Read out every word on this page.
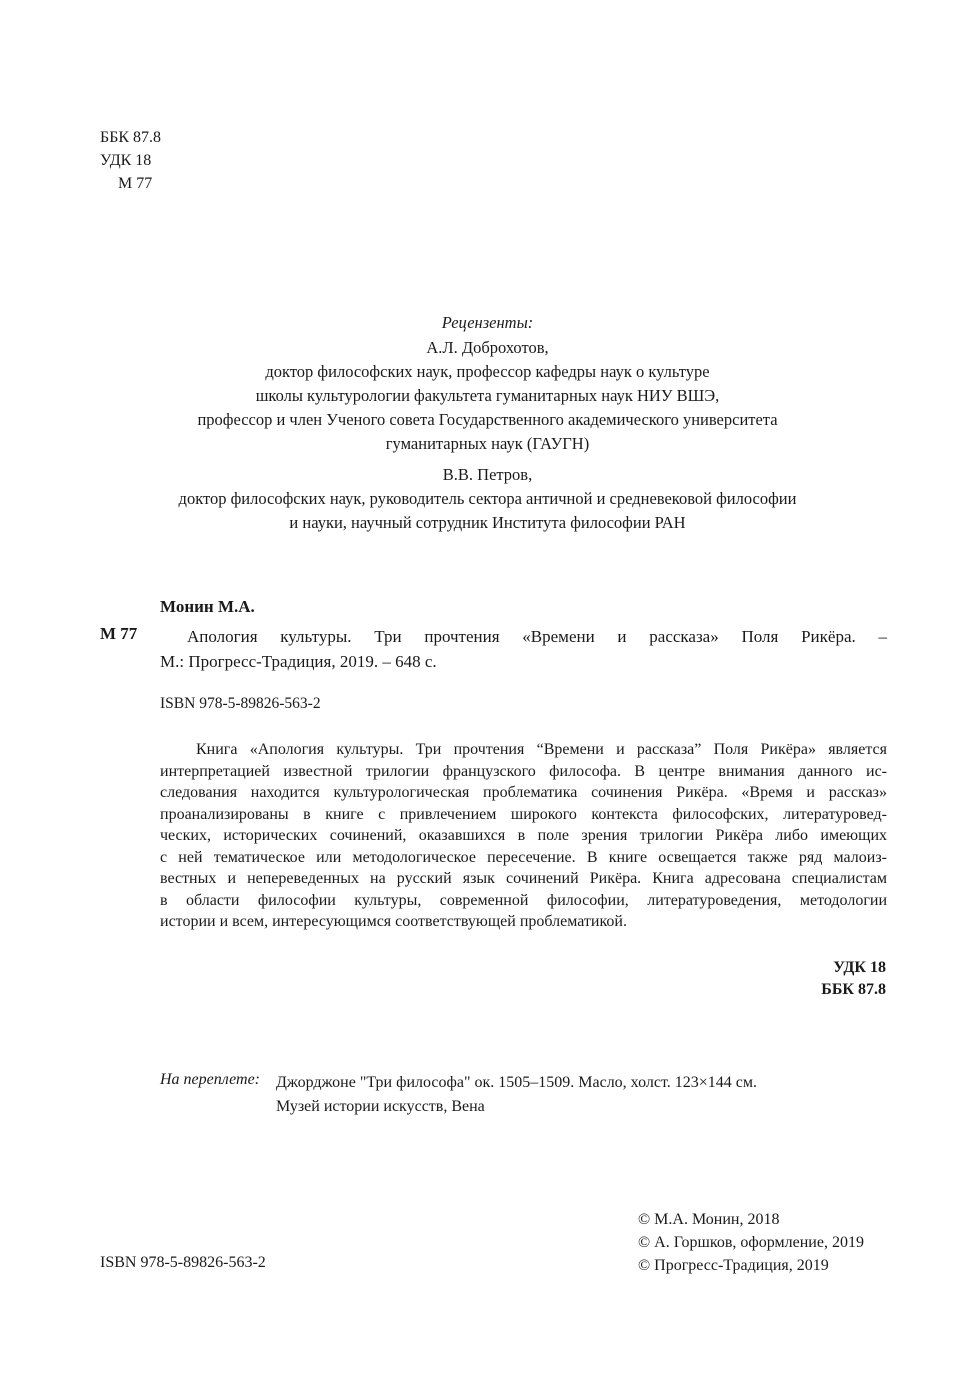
ББК 87.8
УДК 18
М 77
Рецензенты:
А.Л. Доброхотов,
доктор философских наук, профессор кафедры наук о культуре
школы культурологии факультета гуманитарных наук НИУ ВШЭ,
профессор и член Ученого совета Государственного академического университета
гуманитарных наук (ГАУГН)
В.В. Петров,
доктор философских наук, руководитель сектора античной и средневековой философии
и науки, научный сотрудник Института философии РАН
Монин М.А.
М 77	Апология культуры. Три прочтения «Времени и рассказа» Поля Рикёра. –
М.: Прогресс-Традиция, 2019. – 648 с.
ISBN 978-5-89826-563-2
Книга «Апология культуры. Три прочтения “Времени и рассказа” Поля Рикёра» является
интерпретацией известной трилогии французского философа. В центре внимания данного ис-
следования находится культурологическая проблематика сочинения Рикёра. «Время и рассказ»
проанализированы в книге с привлечением широкого контекста философских, литературовед-
ческих, исторических сочинений, оказавшихся в поле зрения трилогии Рикёра либо имеющих
с ней тематическое или методологическое пересечение. В книге освещается также ряд малоиз-
вестных и непереведенных на русский язык сочинений Рикёра. Книга адресована специалистам
в области философии культуры, современной философии, литературоведения, методологии
истории и всем, интересующимся соответствующей проблематикой.
УДК 18
ББК 87.8
На переплете: Джорджоне "Три философа" ок. 1505–1509. Масло, холст. 123×144 см.
Музей истории искусств, Вена
ISBN 978-5-89826-563-2
© М.А. Монин, 2018
© А. Горшков, оформление, 2019
© Прогресс-Традиция, 2019
